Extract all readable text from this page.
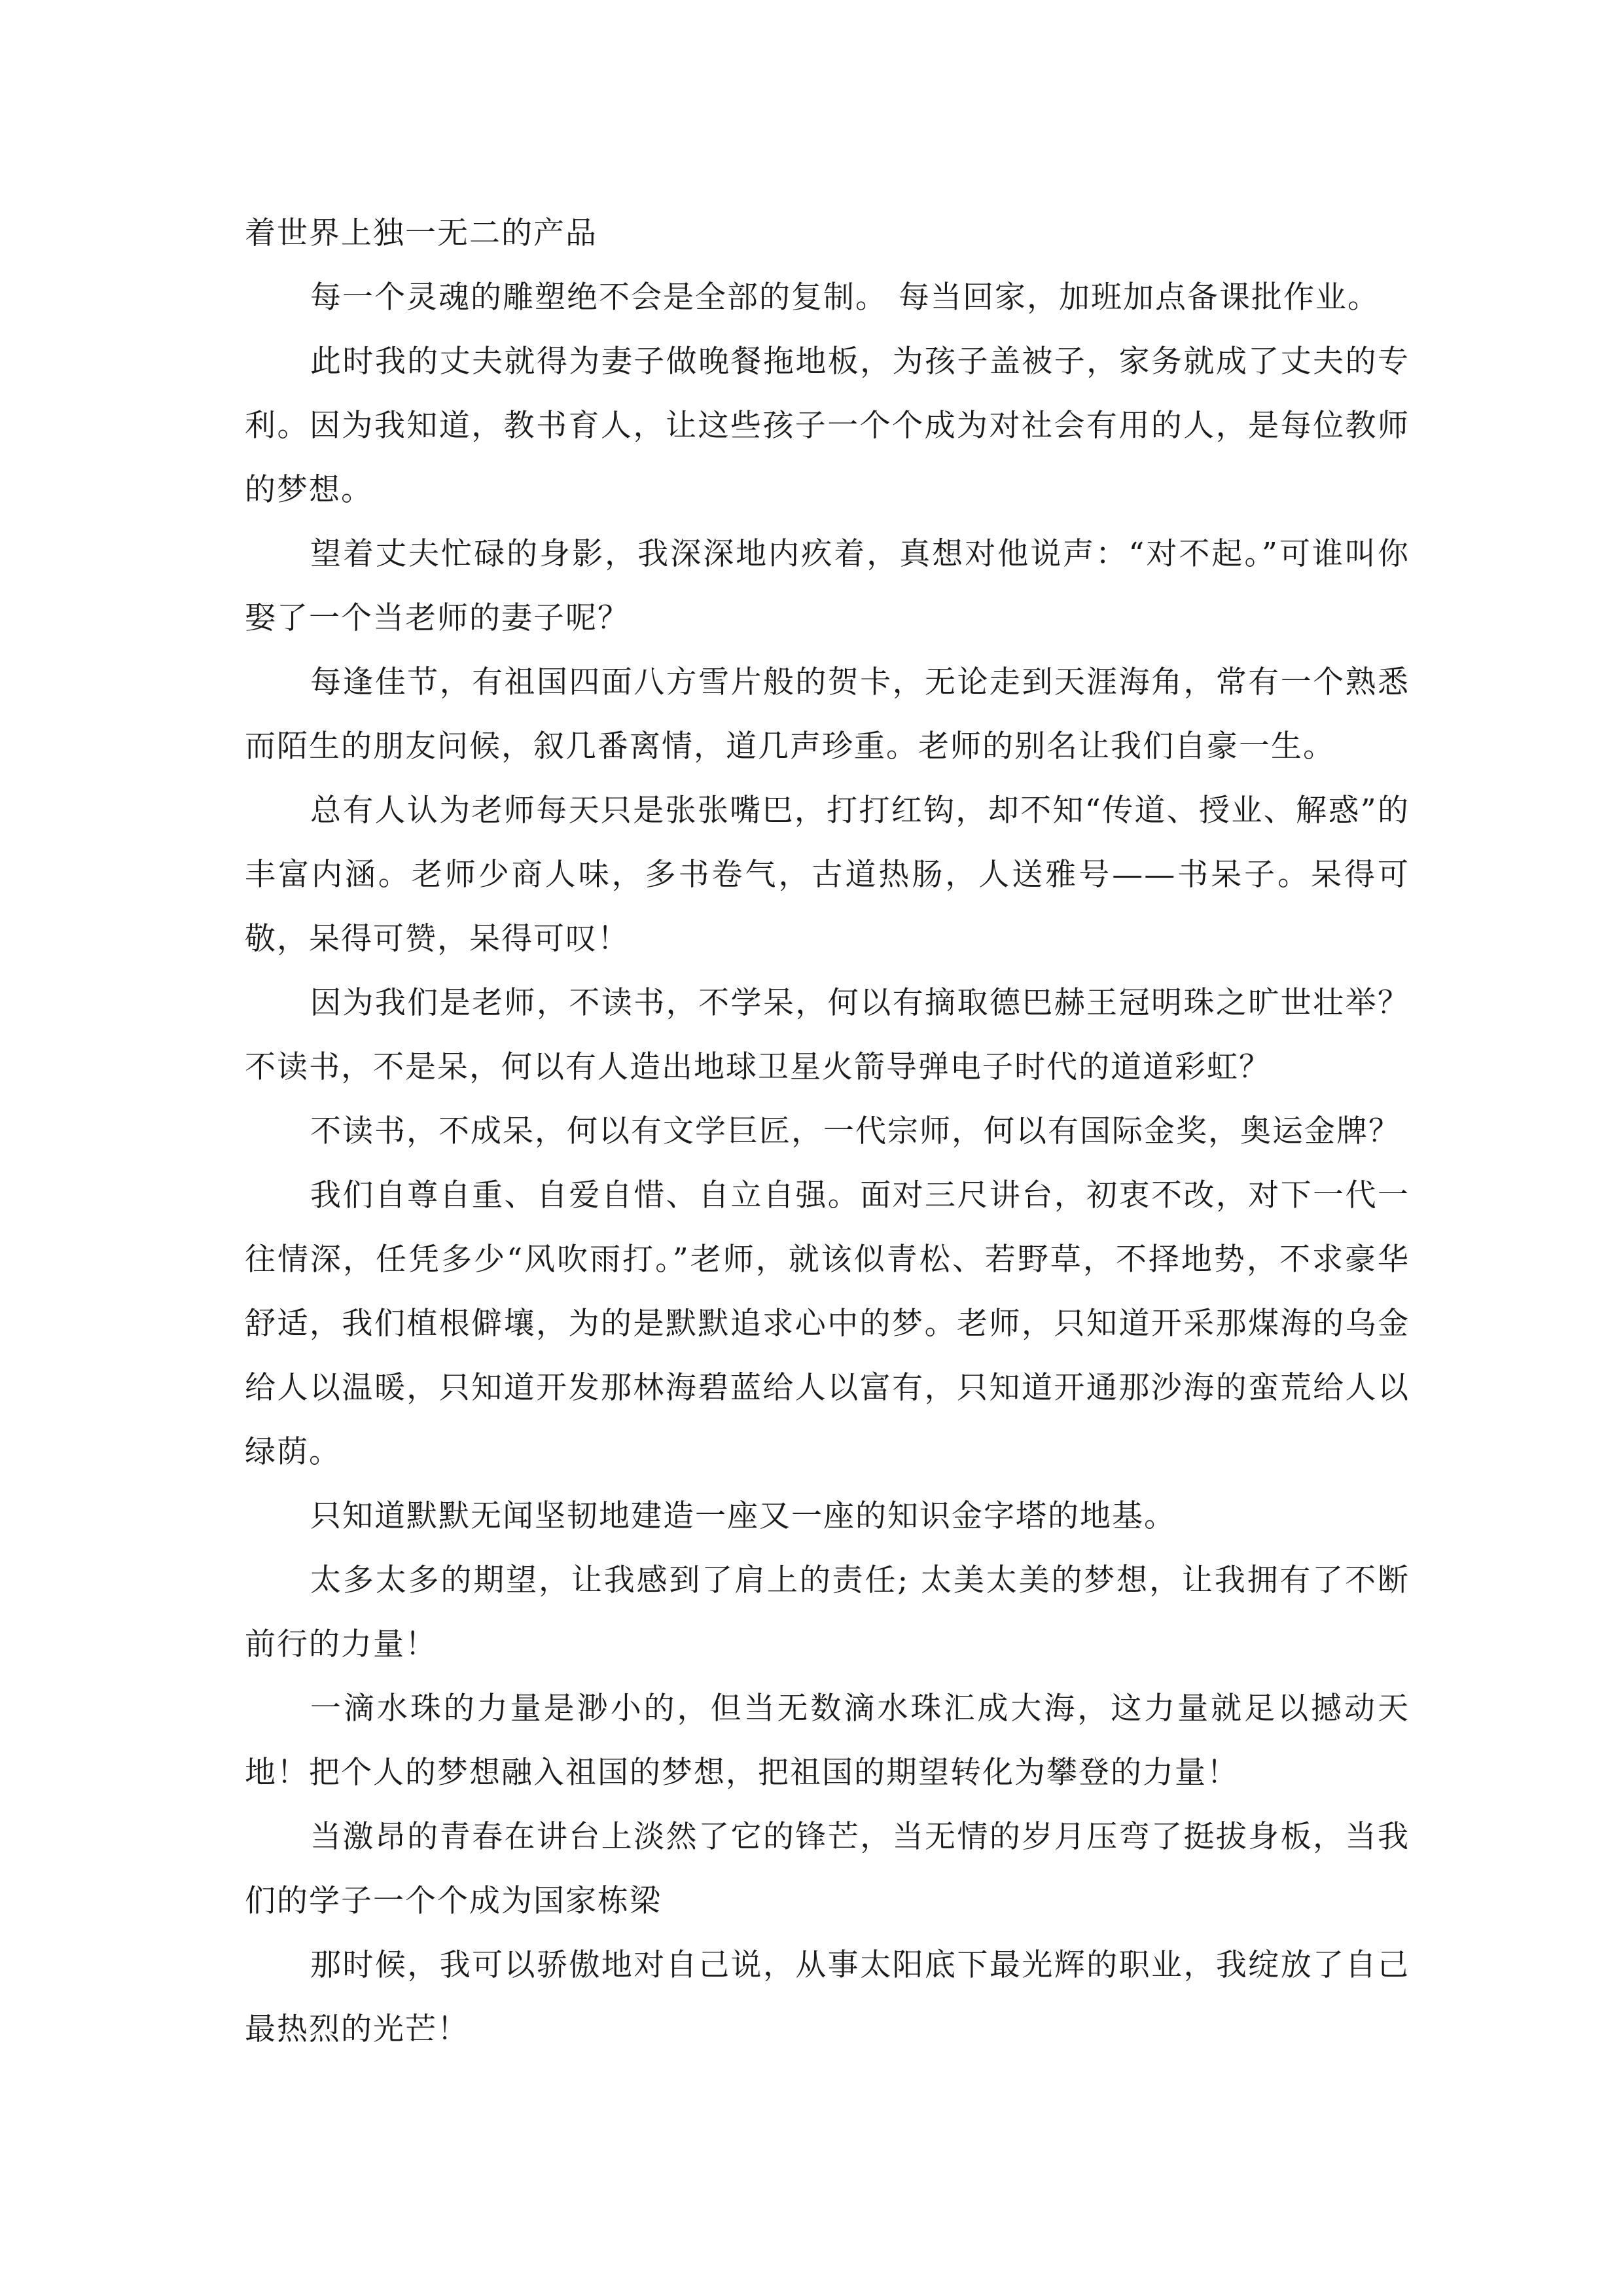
着世界上独一无二的产品

每一个灵魂的雕塑绝不会是全部的复制。 每当回家，加班加点备课批作业。

此时我的丈夫就得为妻子做晚餐拖地板，为孩子盖被子，家务就成了丈夫的专利。因为我知道，教书育人，让这些孩子一个个成为对社会有用的人，是每位教师的梦想。

望着丈夫忙碌的身影，我深深地内疚着，真想对他说声：“对不起。”可谁叫你娶了一个当老师的妻子呢？

每逢佳节，有祖国四面八方雪片般的贺卡，无论走到天涯海角，常有一个熟悉而陌生的朋友问候，叙几番离情，道几声珍重。老师的别名让我们自豪一生。

总有人认为老师每天只是张张嘴巴，打打红钩，却不知“传道、授业、解惑”的丰富内涵。老师少商人味，多书卷气，古道热肠，人送雅号——书呆子。呆得可敬，呆得可赞，呆得可叹！

因为我们是老师，不读书，不学呆，何以有摘取德巴赫王冠明珠之旷世壮举？不读书，不是呆，何以有人造出地球卫星火箭导弹电子时代的道道彩虹？

不读书，不成呆，何以有文学巨匠，一代宗师，何以有国际金奖，奥运金牌？

我们自尊自重、自爱自惜、自立自强。面对三尺讲台，初衷不改，对下一代一往情深，任凭多少“风吹雨打。”老师，就该似青松、若野草，不择地势，不求豪华舒适，我们植根僻壤，为的是默默追求心中的梦。老师，只知道开采那煤海的乌金给人以温暖，只知道开发那林海碧蓝给人以富有，只知道开通那沙海的蛮荒给人以绿荫。

只知道默默无闻坚韧地建造一座又一座的知识金字塔的地基。

太多太多的期望，让我感到了肩上的责任; 太美太美的梦想，让我拥有了不断前行的力量！

一滴水珠的力量是渺小的，但当无数滴水珠汇成大海，这力量就足以撼动天地！把个人的梦想融入祖国的梦想，把祖国的期望转化为攀登的力量！

当激昂的青春在讲台上淡然了它的锋芒，当无情的岁月压弯了挺拔身板，当我们的学子一个个成为国家栋梁

那时候，我可以骄傲地对自己说，从事太阳底下最光辉的职业，我绽放了自己最热烈的光芒！
